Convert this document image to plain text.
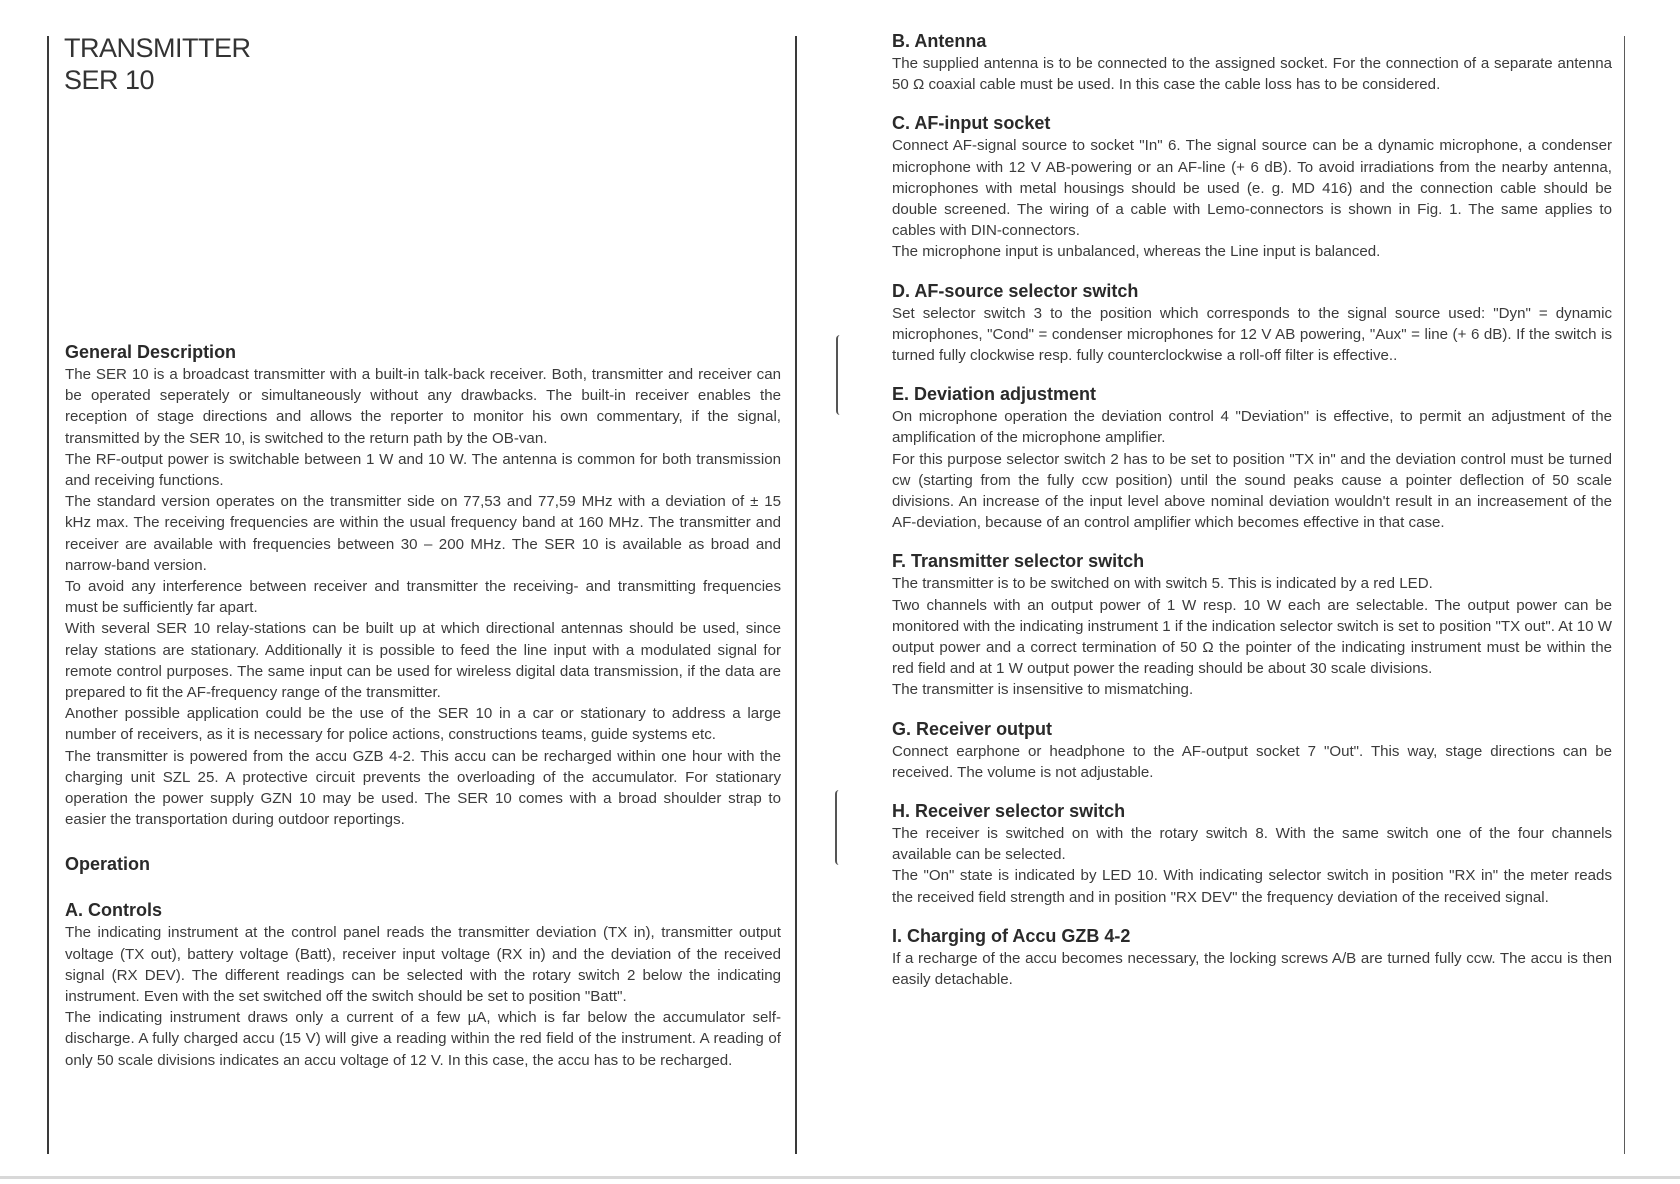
TRANSMITTER
SER 10
General Description

The SER 10 is a broadcast transmitter with a built-in talk-back receiver. Both, transmitter and receiver can be operated seperately or simultaneously without any drawbacks. The built-in receiver enables the reception of stage directions and allows the reporter to monitor his own commentary, if the signal, transmitted by the SER 10, is switched to the return path by the OB-van.

The RF-output power is switchable between 1 W and 10 W. The antenna is common for both transmission and receiving functions.

The standard version operates on the transmitter side on 77,53 and 77,59 MHz with a deviation of ± 15 kHz max. The receiving frequencies are within the usual frequency band at 160 MHz. The transmitter and receiver are available with frequencies between 30 – 200 MHz. The SER 10 is available as broad and narrow-band version.

To avoid any interference between receiver and transmitter the receiving- and transmitting frequencies must be sufficiently far apart.

With several SER 10 relay-stations can be built up at which directional antennas should be used, since relay stations are stationary. Additionally it is possible to feed the line input with a modulated signal for remote control purposes. The same input can be used for wireless digital data transmission, if the data are prepared to fit the AF-frequency range of the transmitter.

Another possible application could be the use of the SER 10 in a car or stationary to address a large number of receivers, as it is necessary for police actions, constructions teams, guide systems etc.

The transmitter is powered from the accu GZB 4-2. This accu can be recharged within one hour with the charging unit SZL 25. A protective circuit prevents the overloading of the accumulator. For stationary operation the power supply GZN 10 may be used. The SER 10 comes with a broad shoulder strap to easier the transportation during outdoor reportings.

Operation
A. Controls

The indicating instrument at the control panel reads the transmitter deviation (TX in), transmitter output voltage (TX out), battery voltage (Batt), receiver input voltage (RX in) and the deviation of the received signal (RX DEV). The different readings can be selected with the rotary switch 2 below the indicating instrument. Even with the set switched off the switch should be set to position "Batt".

The indicating instrument draws only a current of a few µA, which is far below the accumulator self-discharge. A fully charged accu (15 V) will give a reading within the red field of the instrument. A reading of only 50 scale divisions indicates an accu voltage of 12 V. In this case, the accu has to be recharged.

B. Antenna

The supplied antenna is to be connected to the assigned socket. For the connection of a separate antenna 50 Ω coaxial cable must be used. In this case the cable loss has to be considered.

C. AF-input socket

Connect AF-signal source to socket "In" 6. The signal source can be a dynamic microphone, a condenser microphone with 12 V AB-powering or an AF-line (+ 6 dB). To avoid irradiations from the nearby antenna, microphones with metal housings should be used (e. g. MD 416) and the connection cable should be double screened. The wiring of a cable with Lemo-connectors is shown in Fig. 1. The same applies to cables with DIN-connectors.

The microphone input is unbalanced, whereas the Line input is balanced.

D. AF-source selector switch

Set selector switch 3 to the position which corresponds to the signal source used: "Dyn" = dynamic microphones, "Cond" = condenser microphones for 12 V AB powering, "Aux" = line (+ 6 dB). If the switch is turned fully clockwise resp. fully counterclockwise a roll-off filter is effective..

E. Deviation adjustment

On microphone operation the deviation control 4 "Deviation" is effective, to permit an adjustment of the amplification of the microphone amplifier.

For this purpose selector switch 2 has to be set to position "TX in" and the deviation control must be turned cw (starting from the fully ccw position) until the sound peaks cause a pointer deflection of 50 scale divisions. An increase of the input level above nominal deviation wouldn't result in an increasement of the AF-deviation, because of an control amplifier which becomes effective in that case.

F. Transmitter selector switch

The transmitter is to be switched on with switch 5. This is indicated by a red LED.

Two channels with an output power of 1 W resp. 10 W each are selectable. The output power can be monitored with the indicating instrument 1 if the indication selector switch is set to position "TX out". At 10 W output power and a correct termination of 50 Ω the pointer of the indicating instrument must be within the red field and at 1 W output power the reading should be about 30 scale divisions.

The transmitter is insensitive to mismatching.

G. Receiver output

Connect earphone or headphone to the AF-output socket 7 "Out". This way, stage directions can be received. The volume is not adjustable.

H. Receiver selector switch

The receiver is switched on with the rotary switch 8. With the same switch one of the four channels available can be selected.

The "On" state is indicated by LED 10. With indicating selector switch in position "RX in" the meter reads the received field strength and in position "RX DEV" the frequency deviation of the received signal.

I. Charging of Accu GZB 4-2

If a recharge of the accu becomes necessary, the locking screws A/B are turned fully ccw. The accu is then easily detachable.
